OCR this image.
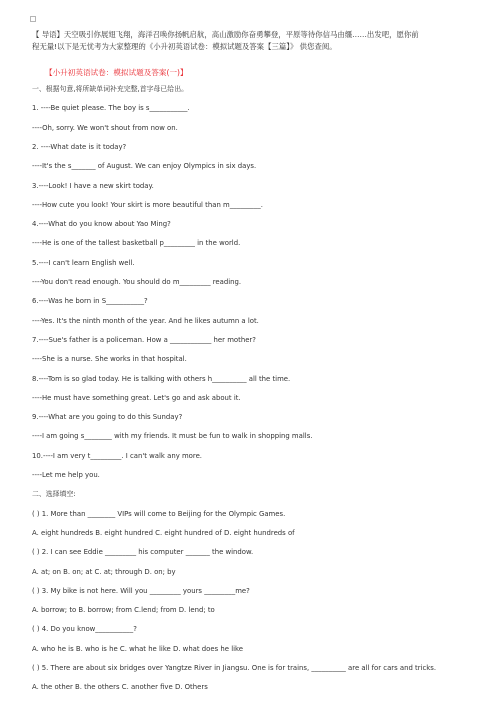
【 导语】天空吸引你展翅飞翔，海洋召唤你扬帆启航，高山激励你奋勇攀登，平原等待你信马由缰……出发吧，愿你前
程无量!以下是无忧考为大家整理的《小升初英语试卷：模拟试题及答案【三篇】》 供您查阅。
【小升初英语试卷：模拟试题及答案(一)】
一、根据句意,将所缺单词补充完整,首字母已给出。
1. ----Be quiet please. The boy is s___________.
----Oh, sorry. We won't shout from now on.
2. ----What date is it today?
----It's the s_______ of August. We can enjoy Olympics in six days.
3.----Look! I have a new skirt today.
----How cute you look! Your skirt is more beautiful than m_________.
4.----What do you know about Yao Ming?
----He is one of the tallest basketball p_________ in the world.
5.----I can't learn English well.
----You don't read enough. You should do m_________ reading.
6.----Was he born in S___________?
----Yes. It's the ninth month of the year. And he likes autumn a lot.
7.----Sue's father is a policeman. How a ____________ her mother?
----She is a nurse. She works in that hospital.
8.----Tom is so glad today. He is talking with others h__________ all the time.
----He must have something great. Let's go and ask about it.
9.----What are you going to do this Sunday?
----I am going s________ with my friends. It must be fun to walk in shopping malls.
10.----I am very t_________. I can't walk any more.
----Let me help you.
二、选择填空:
( ) 1. More than ________ VIPs will come to Beijing for the Olympic Games.
A. eight hundreds B. eight hundred C. eight hundred of D. eight hundreds of
( ) 2. I can see Eddie _________ his computer _______ the window.
A. at; on B. on; at C. at; through D. on; by
( ) 3. My bike is not here. Will you _________ yours _________me?
A. borrow; to B. borrow; from C.lend; from D. lend; to
( ) 4. Do you know___________?
A. who he is B. who is he C. what he like D. what does he like
( ) 5. There are about six bridges over Yangtze River in Jiangsu. One is for trains, __________ are all for cars and tricks.
A. the other B. the others C. another five D. Others
